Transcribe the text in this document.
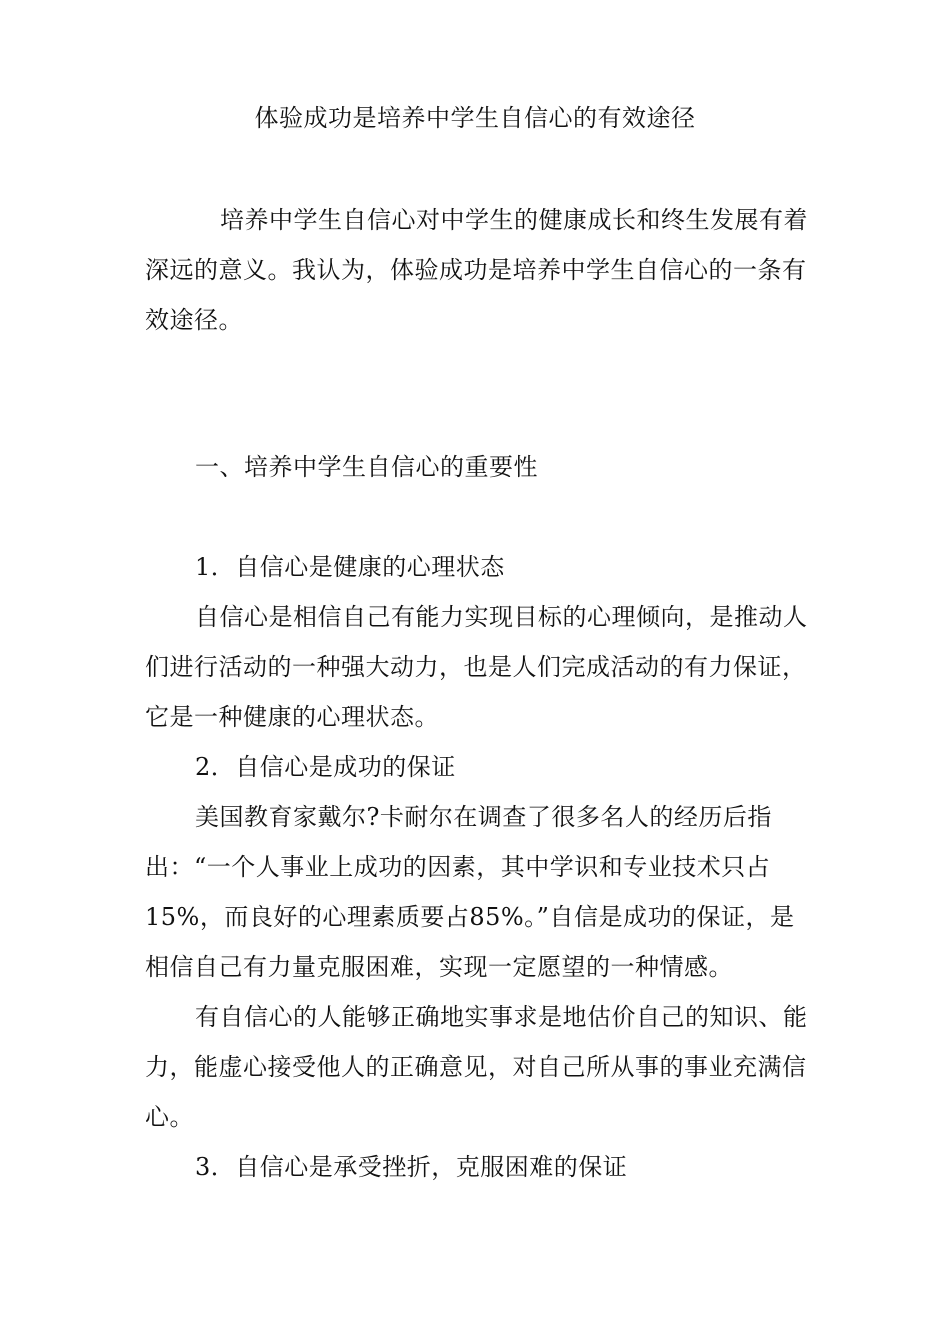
体验成功是培养中学生自信心的有效途径

培养中学生自信心对中学生的健康成长和终生发展有着深远的意义。我认为，体验成功是培养中学生自信心的一条有效途径。

一、培养中学生自信心的重要性

1．自信心是健康的心理状态

自信心是相信自己有能力实现目标的心理倾向，是推动人们进行活动的一种强大动力，也是人们完成活动的有力保证，它是一种健康的心理状态。

2．自信心是成功的保证

美国教育家戴尔?卡耐尔在调查了很多名人的经历后指出：“一个人事业上成功的因素，其中学识和专业技术只占15%，而良好的心理素质要占85%。”自信是成功的保证，是相信自己有力量克服困难，实现一定愿望的一种情感。

有自信心的人能够正确地实事求是地估价自己的知识、能力，能虚心接受他人的正确意见，对自己所从事的事业充满信心。

3．自信心是承受挫折，克服困难的保证
